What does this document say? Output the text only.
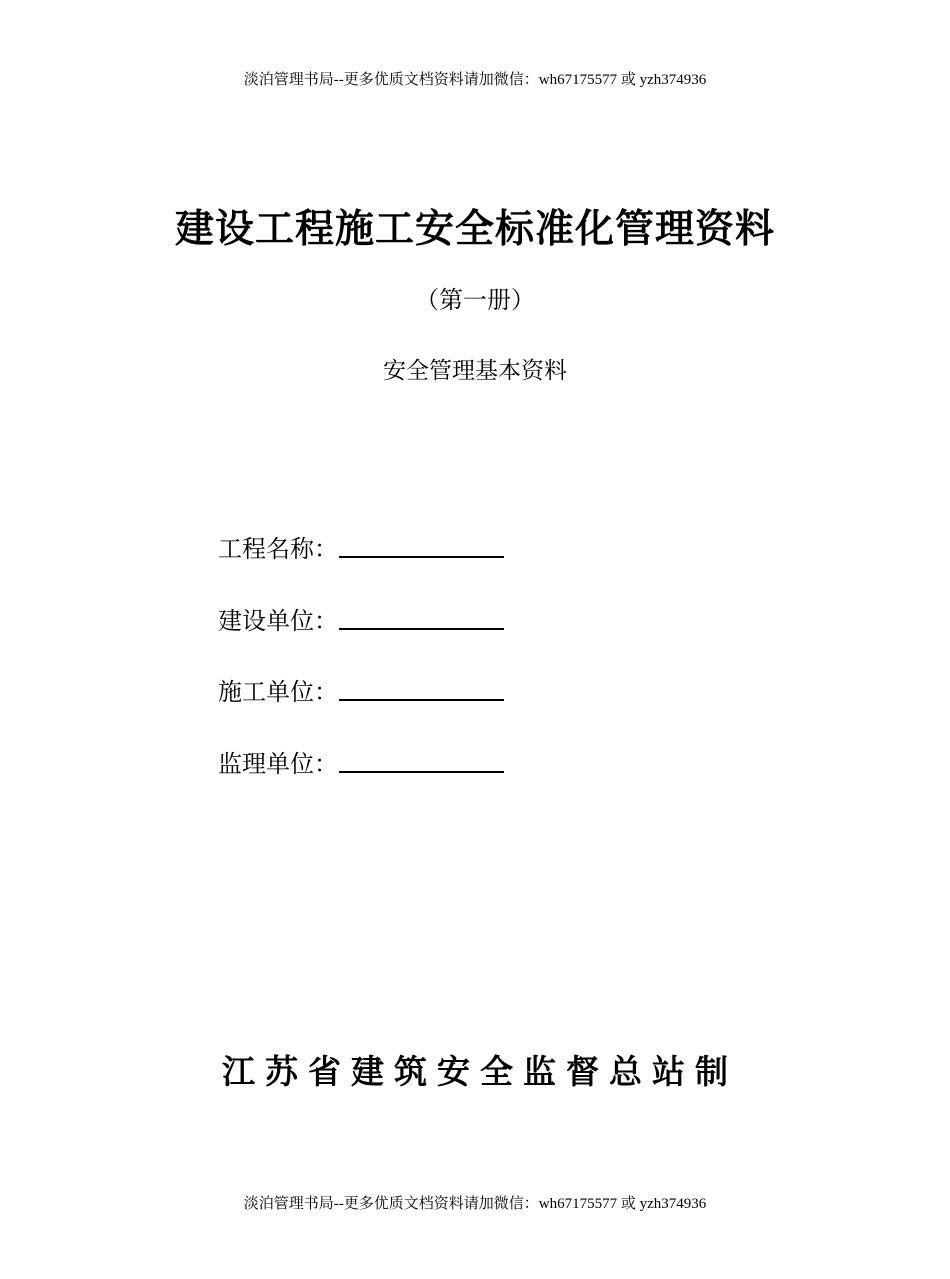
淡泊管理书局--更多优质文档资料请加微信：wh67175577 或 yzh374936
建设工程施工安全标准化管理资料
（第一册）
安全管理基本资料
工程名称：
建设单位：
施工单位：
监理单位：
江苏省建筑安全监督总站制
淡泊管理书局--更多优质文档资料请加微信：wh67175577 或 yzh374936
